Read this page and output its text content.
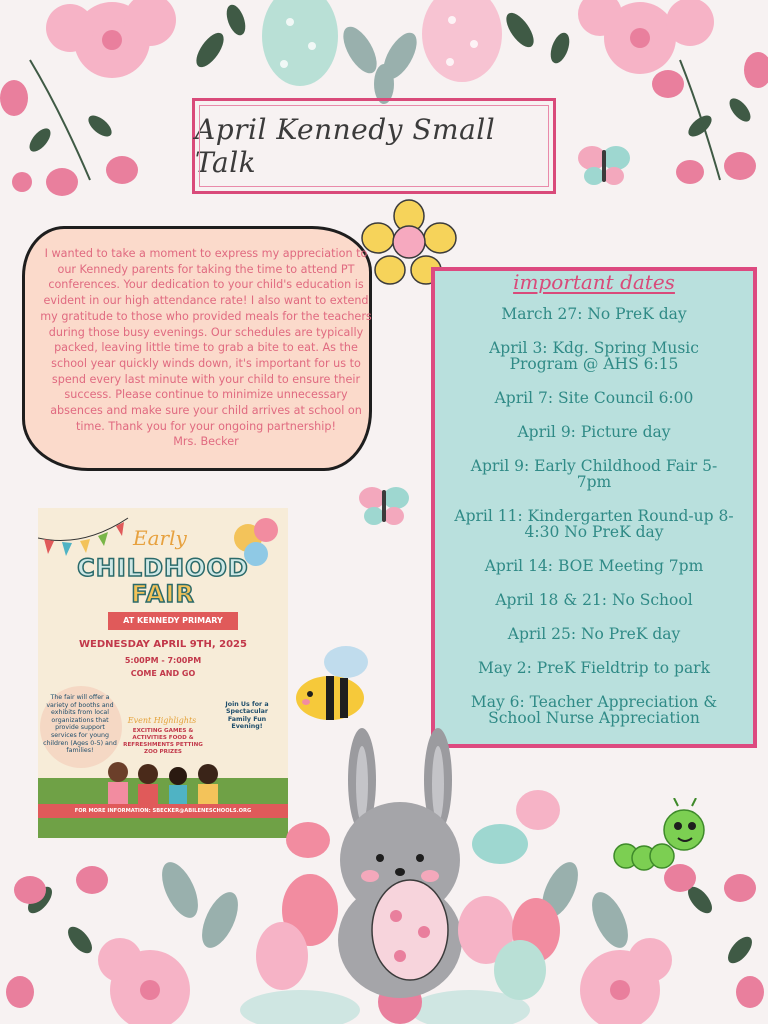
April Kennedy Small Talk
I wanted to take a moment to express my appreciation to our Kennedy parents for taking the time to attend PT conferences. Your dedication to your child's education is evident in our high attendance rate! I also want to extend my gratitude to those who provided meals for the teachers during those busy evenings. Our schedules are typically packed, leaving little time to grab a bite to eat. As the school year quickly winds down, it's important for us to spend every last minute with your child to ensure their success. Please continue to minimize unnecessary absences and make sure your child arrives at school on time. Thank you for your ongoing partnership!
Mrs. Becker
important dates
March 27: No PreK day
April 3: Kdg. Spring Music Program @ AHS 6:15
April 7: Site Council 6:00
April 9: Picture day
April 9: Early Childhood Fair 5-7pm
April 11: Kindergarten Round-up 8-4:30 No PreK day
April 14: BOE Meeting 7pm
April 18 & 21: No School
April 25: No PreK day
May 2: PreK Fieldtrip to park
May 6: Teacher Appreciation & School Nurse Appreciation
Early
CHILDHOOD
FAIR
AT KENNEDY PRIMARY
WEDNESDAY APRIL 9TH, 2025
5:00PM - 7:00PM
COME AND GO
The fair will offer a variety of booths and exhibits from local organizations that provide support services for young children (Ages 0-5) and families!
Event Highlights
EXCITING GAMES & ACTIVITIES FOOD & REFRESHMENTS PETTING ZOO PRIZES
Join Us for a Spectacular Family Fun Evening!
FOR MORE INFORMATION: SBECKER@ABILENESCHOOLS.ORG
